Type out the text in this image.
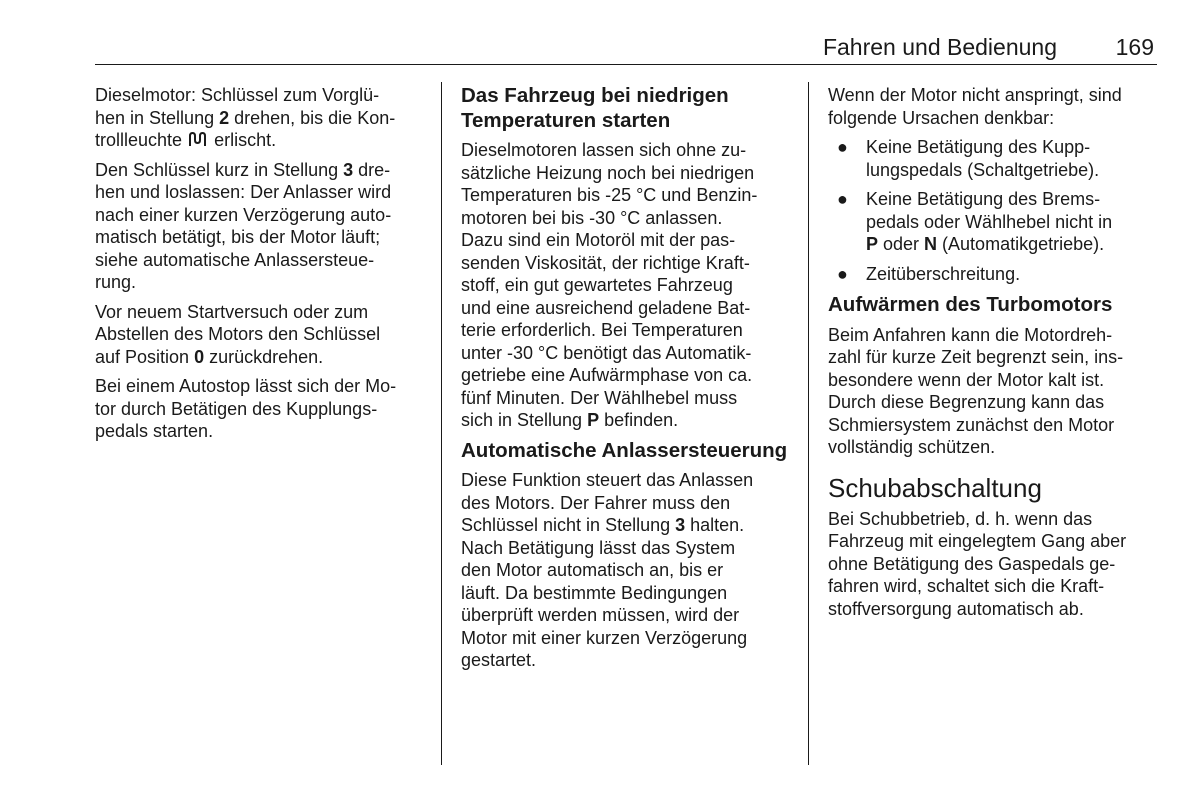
Fahren und Bedienung	169

Dieselmotor: Schlüssel zum Vorglü-
hen in Stellung 2 drehen, bis die Kon-
trollleuchte  erlischt.

Den Schlüssel kurz in Stellung 3 dre-
hen und loslassen: Der Anlasser wird
nach einer kurzen Verzögerung auto-
matisch betätigt, bis der Motor läuft;
siehe automatische Anlassersteue-
rung.

Vor neuem Startversuch oder zum
Abstellen des Motors den Schlüssel
auf Position 0 zurückdrehen.

Bei einem Autostop lässt sich der Mo-
tor durch Betätigen des Kupplungs-
pedals starten.

Das Fahrzeug bei niedrigen
Temperaturen starten

Dieselmotoren lassen sich ohne zu-
sätzliche Heizung noch bei niedrigen
Temperaturen bis -25 °C und Benzin-
motoren bei bis -30 °C anlassen.
Dazu sind ein Motoröl mit der pas-
senden Viskosität, der richtige Kraft-
stoff, ein gut gewartetes Fahrzeug
und eine ausreichend geladene Bat-
terie erforderlich. Bei Temperaturen
unter -30 °C benötigt das Automatik-
getriebe eine Aufwärmphase von ca.
fünf Minuten. Der Wählhebel muss
sich in Stellung P befinden.

Automatische Anlassersteuerung

Diese Funktion steuert das Anlassen
des Motors. Der Fahrer muss den
Schlüssel nicht in Stellung 3 halten.
Nach Betätigung lässt das System
den Motor automatisch an, bis er
läuft. Da bestimmte Bedingungen
überprüft werden müssen, wird der
Motor mit einer kurzen Verzögerung
gestartet.

Wenn der Motor nicht anspringt, sind
folgende Ursachen denkbar:

● Keine Betätigung des Kupp-
lungspedals (Schaltgetriebe).
● Keine Betätigung des Brems-
pedals oder Wählhebel nicht in
P oder N (Automatikgetriebe).
● Zeitüberschreitung.
Aufwärmen des Turbomotors

Beim Anfahren kann die Motordreh-
zahl für kurze Zeit begrenzt sein, ins-
besondere wenn der Motor kalt ist.
Durch diese Begrenzung kann das
Schmiersystem zunächst den Motor
vollständig schützen.

Schubabschaltung

Bei Schubbetrieb, d. h. wenn das
Fahrzeug mit eingelegtem Gang aber
ohne Betätigung des Gaspedals ge-
fahren wird, schaltet sich die Kraft-
stoffversorgung automatisch ab.
